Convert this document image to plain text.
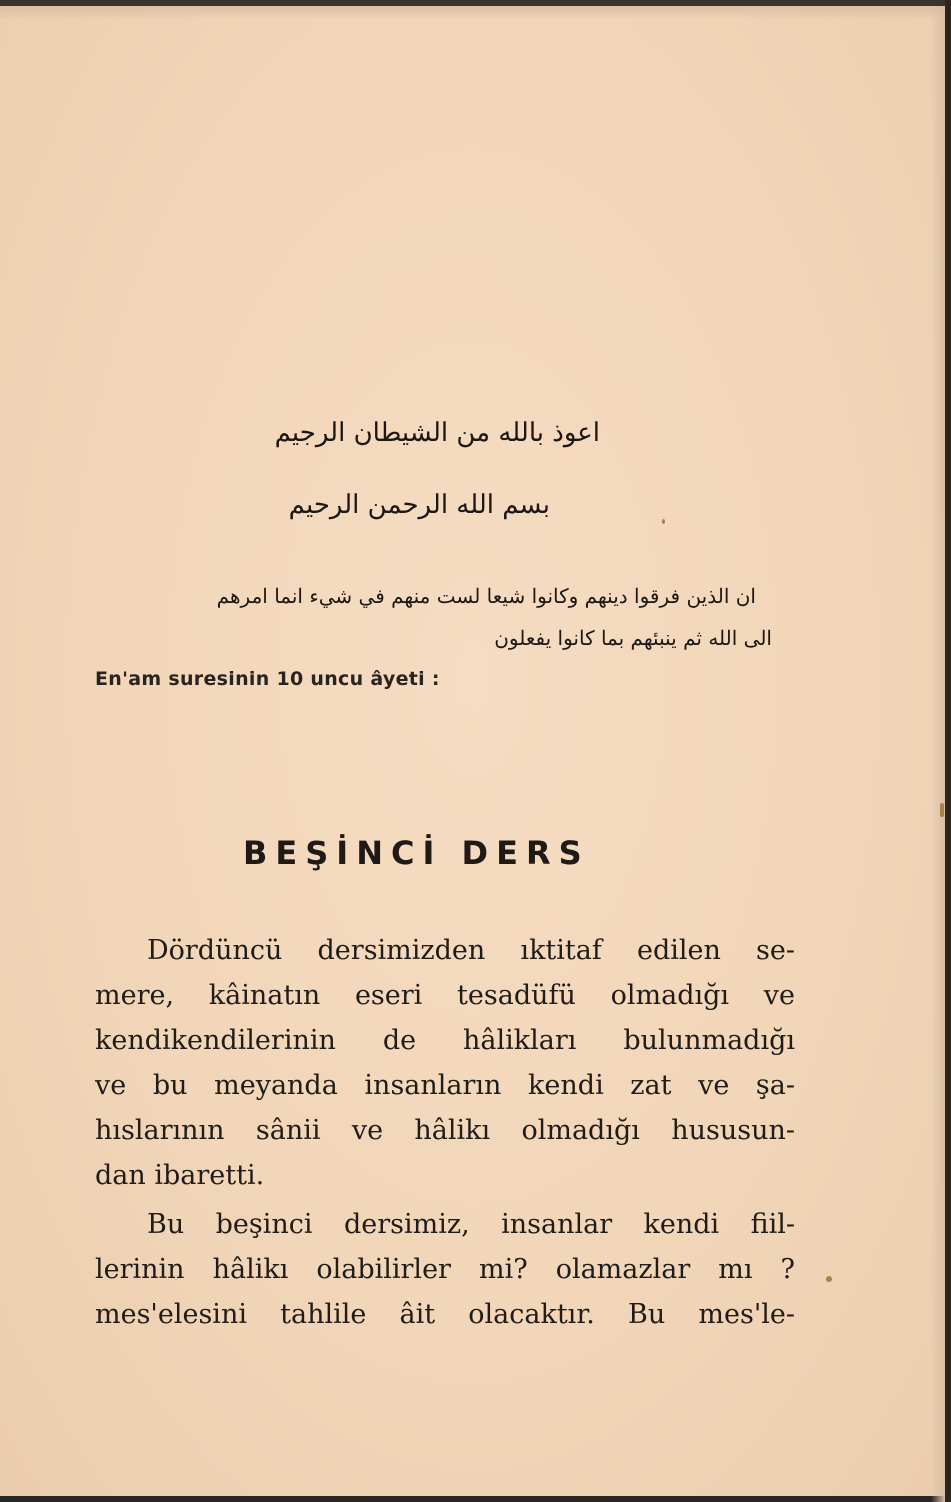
اعوذ بالله من الشيطان الرجيم

بسم الله الرحمن الرحيم

ان الذين فرقوا دينهم وكانوا شيعا لست منهم في شيء انما امرهم

الى الله ثم ينبئهم بما كانوا يفعلون

En'am suresinin 10 uncu âyeti :

BEŞİNCİ DERS
Dördüncü dersimizden ıktitaf edilen se-
mere, kâinatın eseri tesadüfü olmadığı ve
kendikendilerinin de hâlikları bulunmadığı
ve bu meyanda insanların kendi zat ve şa-
hıslarının sânii ve hâlikı olmadığı hususun-
dan ibaretti.
Bu beşinci dersimiz, insanlar kendi fiil-
lerinin hâlikı olabilirler mi? olamazlar mı ?
mes'elesini tahlile âit olacaktır. Bu mes'le-
